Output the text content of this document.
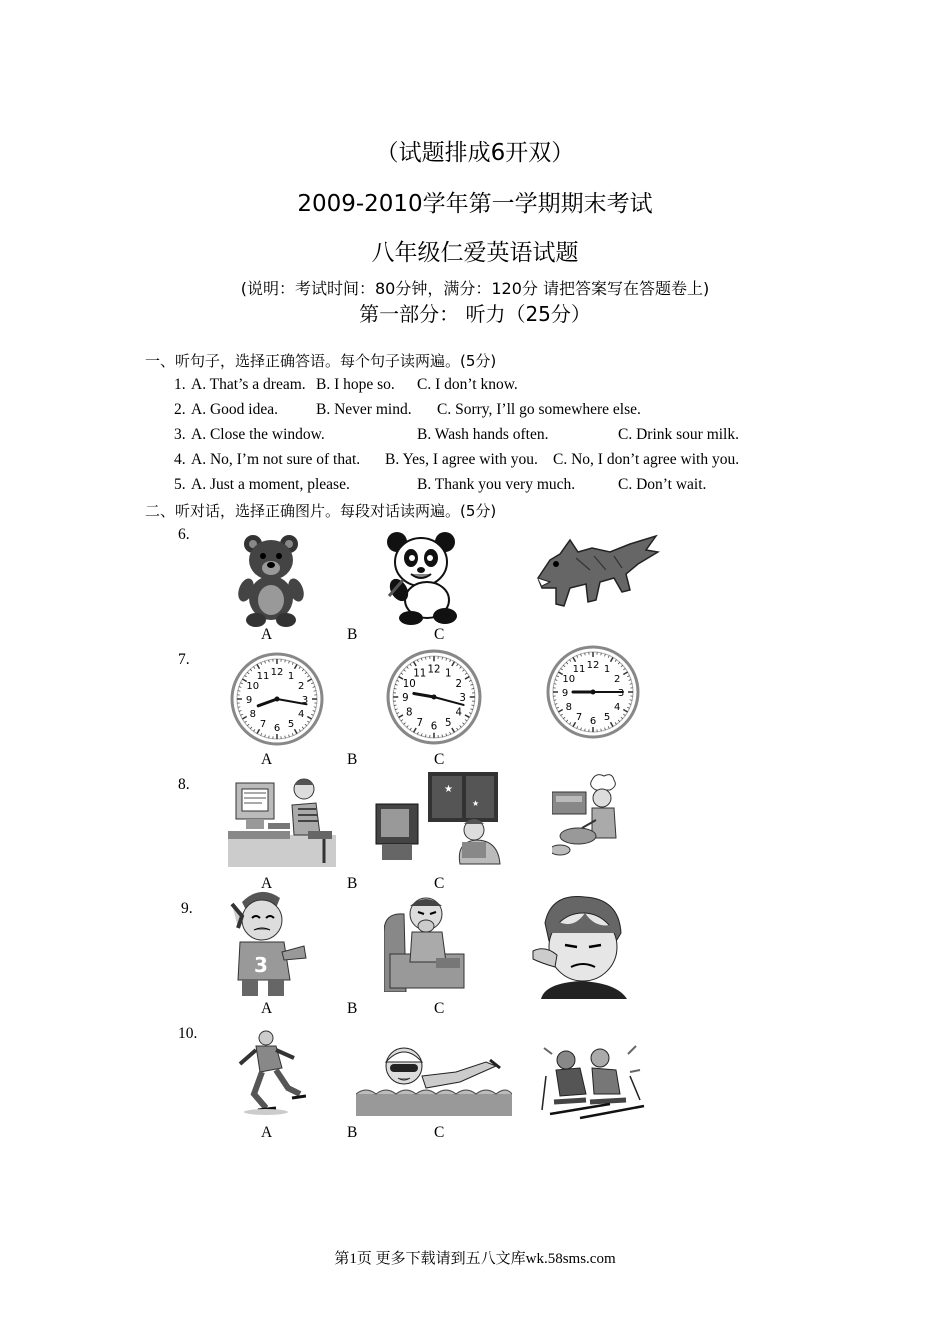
（试题排成6开双）
2009-2010学年第一学期期末考试
八年级仁爱英语试题
(说明：考试时间：80分钟，满分：120分 请把答案写在答题卷上)
第一部分： 听力（25分）
一、听句子，选择正确答语。每个句子读两遍。(5分)
1. A. That’s a dream. B. I hope so. C. I don’t know.
2. A. Good idea. B. Never mind. C. Sorry, I’ll go somewhere else.
3. A. Close the window.	B. Wash hands often.	C. Drink sour milk.
4. A. No, I’m not sure of that. B. Yes, I agree with you. C. No, I don’t agree with you.
5. A. Just a moment, please.	B. Thank you very much.	C. Don’t wait.
二、听对话，选择正确图片。每段对话读两遍。(5分)
6.
A	B	C
7.
12 1
2
3
4
5
6
7
8
9
10
11
12 1
2
3
4
5
6
7
8
9
10
11
12 1
2
3
4
5
6
7
8
9
10
11
A	B	C
8.	★
★
A	B	C
9.
3
A	B	C
10.
A	B	C
第1页 更多下载请到五八文库wk.58sms.com
